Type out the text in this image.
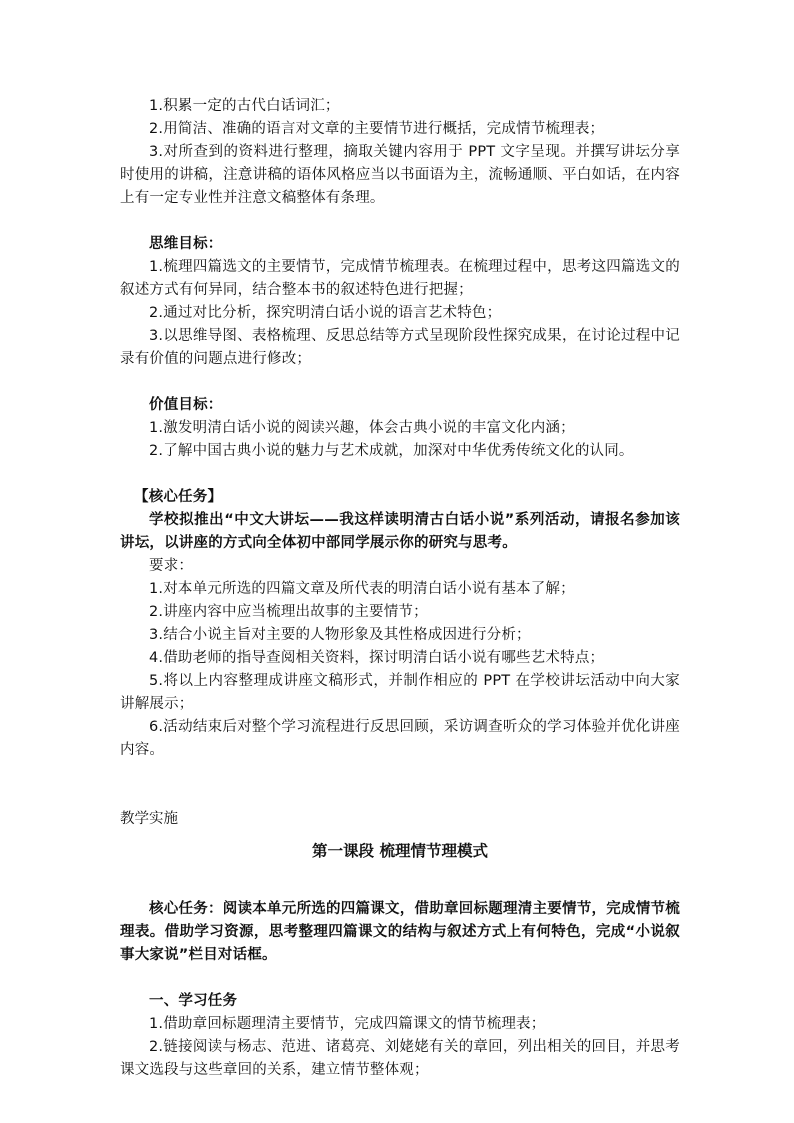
1.积累一定的古代白话词汇；

2.用简洁、准确的语言对文章的主要情节进行概括，完成情节梳理表；

3.对所查到的资料进行整理，摘取关键内容用于 PPT 文字呈现。并撰写讲坛分享时使用的讲稿，注意讲稿的语体风格应当以书面语为主，流畅通顺、平白如话，在内容上有一定专业性并注意文稿整体有条理。

思维目标：

1.梳理四篇选文的主要情节，完成情节梳理表。在梳理过程中，思考这四篇选文的叙述方式有何异同，结合整本书的叙述特色进行把握；

2.通过对比分析，探究明清白话小说的语言艺术特色；

3.以思维导图、表格梳理、反思总结等方式呈现阶段性探究成果，在讨论过程中记录有价值的问题点进行修改；

价值目标：

1.激发明清白话小说的阅读兴趣，体会古典小说的丰富文化内涵；

2.了解中国古典小说的魅力与艺术成就，加深对中华优秀传统文化的认同。

【核心任务】

学校拟推出“中文大讲坛——我这样读明清古白话小说”系列活动，请报名参加该讲坛，以讲座的方式向全体初中部同学展示你的研究与思考。

要求：

1.对本单元所选的四篇文章及所代表的明清白话小说有基本了解；

2.讲座内容中应当梳理出故事的主要情节；

3.结合小说主旨对主要的人物形象及其性格成因进行分析；

4.借助老师的指导查阅相关资料，探讨明清白话小说有哪些艺术特点；

5.将以上内容整理成讲座文稿形式，并制作相应的 PPT 在学校讲坛活动中向大家讲解展示；

6.活动结束后对整个学习流程进行反思回顾，采访调查听众的学习体验并优化讲座内容。

教学实施

第一课段 梳理情节理模式

核心任务：阅读本单元所选的四篇课文，借助章回标题理清主要情节，完成情节梳理表。借助学习资源，思考整理四篇课文的结构与叙述方式上有何特色，完成“小说叙事大家说”栏目对话框。

一、学习任务

1.借助章回标题理清主要情节，完成四篇课文的情节梳理表；

2.链接阅读与杨志、范进、诸葛亮、刘姥姥有关的章回，列出相关的回目，并思考课文选段与这些章回的关系，建立情节整体观；
